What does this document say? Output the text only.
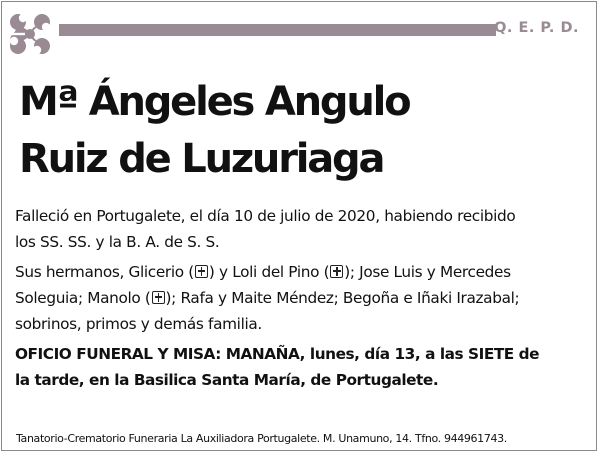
Q. E. P. D.
Mª Ángeles Angulo
Ruiz de Luzuriaga

Falleció en Portugalete, el día 10 de julio de 2020, habiendo recibido
los SS. SS. y la B. A. de S. S.

Sus hermanos, Glicerio ( ) y Loli del Pino ( ); Jose Luis y Mercedes
Soleguia; Manolo ( ); Rafa y Maite Méndez; Begoña e Iñaki Irazabal;
sobrinos, primos y demás familia.

OFICIO FUNERAL Y MISA: MANAÑA, lunes, día 13, a las SIETE de
la tarde, en la Basilica Santa María, de Portugalete.

Tanatorio-Crematorio Funeraria La Auxiliadora Portugalete. M. Unamuno, 14. Tfno. 944961743.
